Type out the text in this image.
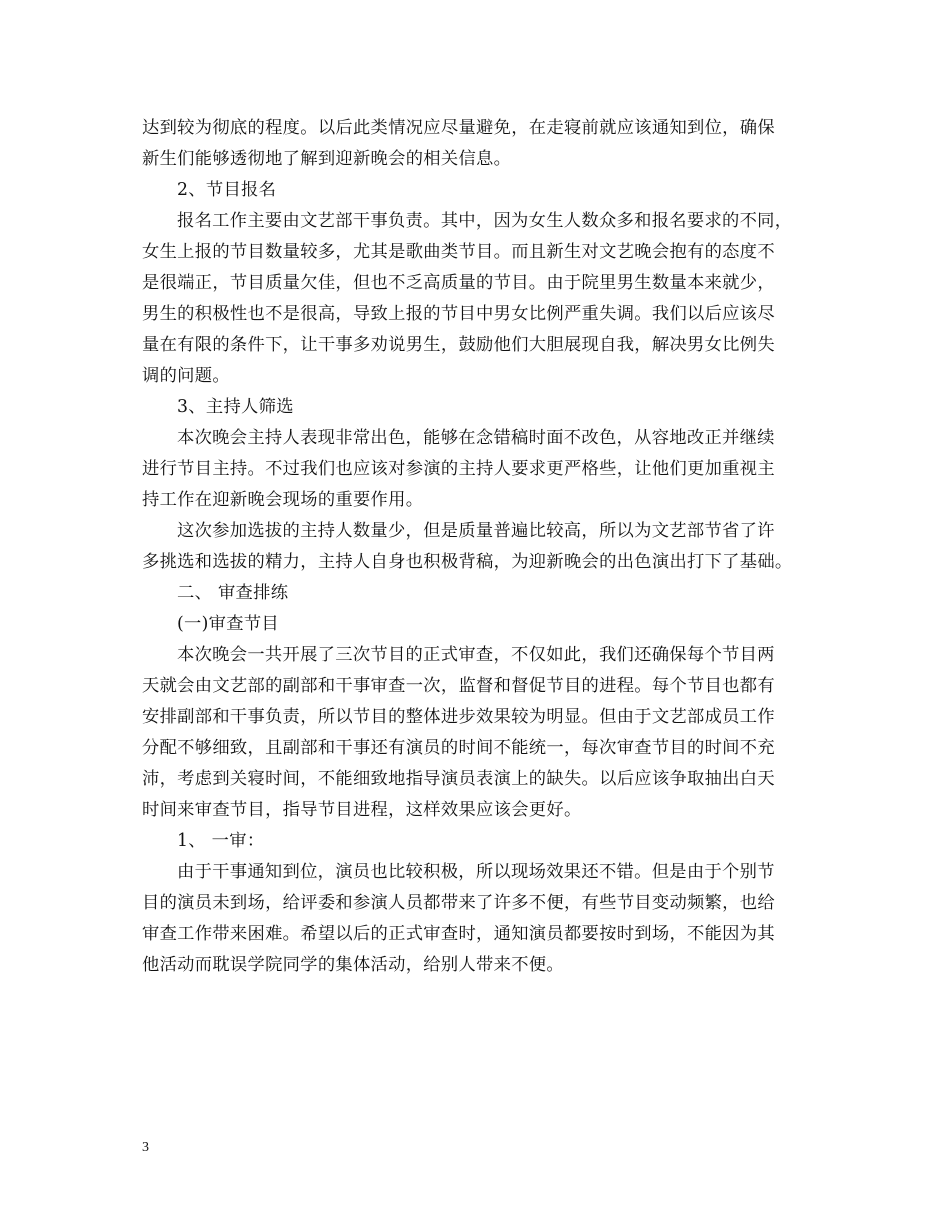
达到较为彻底的程度。以后此类情况应尽量避免，在走寝前就应该通知到位，确保
新生们能够透彻地了解到迎新晚会的相关信息。
2、节目报名
报名工作主要由文艺部干事负责。其中，因为女生人数众多和报名要求的不同，
女生上报的节目数量较多，尤其是歌曲类节目。而且新生对文艺晚会抱有的态度不
是很端正，节目质量欠佳，但也不乏高质量的节目。由于院里男生数量本来就少，
男生的积极性也不是很高，导致上报的节目中男女比例严重失调。我们以后应该尽
量在有限的条件下，让干事多劝说男生，鼓励他们大胆展现自我，解决男女比例失
调的问题。
3、主持人筛选
本次晚会主持人表现非常出色，能够在念错稿时面不改色，从容地改正并继续
进行节目主持。不过我们也应该对参演的主持人要求更严格些，让他们更加重视主
持工作在迎新晚会现场的重要作用。
这次参加选拔的主持人数量少，但是质量普遍比较高，所以为文艺部节省了许
多挑选和选拔的精力，主持人自身也积极背稿，为迎新晚会的出色演出打下了基础。
二、 审查排练
(一)审查节目
本次晚会一共开展了三次节目的正式审查，不仅如此，我们还确保每个节目两
天就会由文艺部的副部和干事审查一次，监督和督促节目的进程。每个节目也都有
安排副部和干事负责，所以节目的整体进步效果较为明显。但由于文艺部成员工作
分配不够细致，且副部和干事还有演员的时间不能统一，每次审查节目的时间不充
沛，考虑到关寝时间，不能细致地指导演员表演上的缺失。以后应该争取抽出白天
时间来审查节目，指导节目进程，这样效果应该会更好。
1、 一审：
由于干事通知到位，演员也比较积极，所以现场效果还不错。但是由于个别节
目的演员未到场，给评委和参演人员都带来了许多不便，有些节目变动频繁，也给
审查工作带来困难。希望以后的正式审查时，通知演员都要按时到场，不能因为其
他活动而耽误学院同学的集体活动，给别人带来不便。
3
